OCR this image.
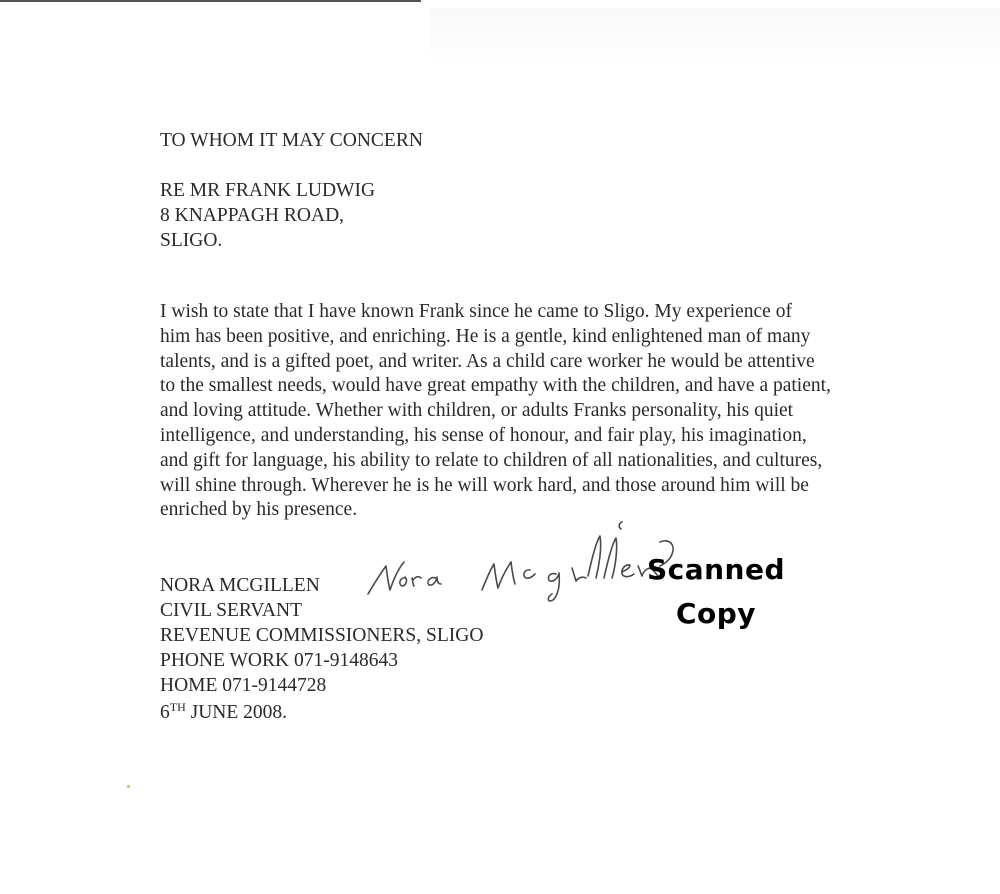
TO WHOM IT MAY CONCERN
RE MR FRANK LUDWIG
8 KNAPPAGH ROAD,
SLIGO.
I wish to state that I have known Frank since he came to Sligo. My experience of
him has been positive, and enriching. He is a gentle, kind enlightened man of many
talents, and is a gifted poet, and writer. As a child care worker he would be attentive
to the smallest needs, would have great empathy with the children, and have a patient,
and loving attitude. Whether with children, or adults Franks personality, his quiet
intelligence, and understanding, his sense of honour, and fair play, his imagination,
and gift for language, his ability to relate to children of all nationalities, and cultures,
will shine through. Wherever he is he will work hard, and those around him will be
enriched by his presence.
NORA MCGILLEN
CIVIL SERVANT
REVENUE COMMISSIONERS, SLIGO
PHONE WORK 071-9148643
HOME 071-9144728
6TH JUNE 2008.
Scanned
Copy
